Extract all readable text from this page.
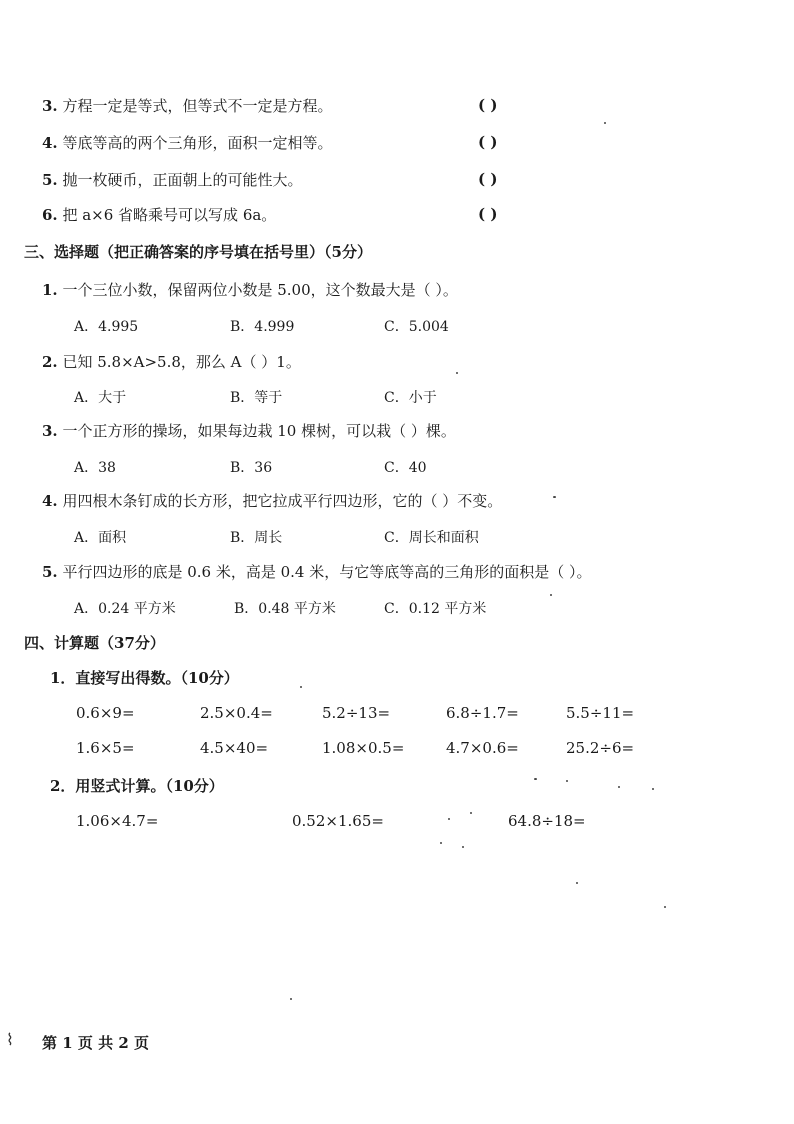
3. 方程一定是等式，但等式不一定是方程。	( )
4. 等底等高的两个三角形，面积一定相等。	( )
5. 抛一枚硬币，正面朝上的可能性大。	( )
6. 把 a×6 省略乘号可以写成 6a。	( )
三、选择题（把正确答案的序号填在括号里）（5分）
1. 一个三位小数，保留两位小数是 5.00，这个数最大是（ ）。
A．4.995	B．4.999	C．5.004
2. 已知 5.8×A>5.8，那么 A（ ）1。
A．大于	B．等于	C．小于
3. 一个正方形的操场，如果每边栽 10 棵树，可以栽（ ）棵。
A．38	B．36	C．40
4. 用四根木条钉成的长方形，把它拉成平行四边形，它的（ ）不变。
A．面积	B．周长	C．周长和面积
5. 平行四边形的底是 0.6 米，高是 0.4 米，与它等底等高的三角形的面积是（ ）。
A．0.24 平方米	B．0.48 平方米	C．0.12 平方米
四、计算题（37分）
1．直接写出得数。（10分）
0.6×9=	2.5×0.4=	5.2÷13=	6.8÷1.7=	5.5÷11=
1.6×5=	4.5×40=	1.08×0.5=	4.7×0.6=	25.2÷6=
2．用竖式计算。（10分）
1.06×4.7=	0.52×1.65=	64.8÷18=
⌇ 第 1 页 共 2 页
